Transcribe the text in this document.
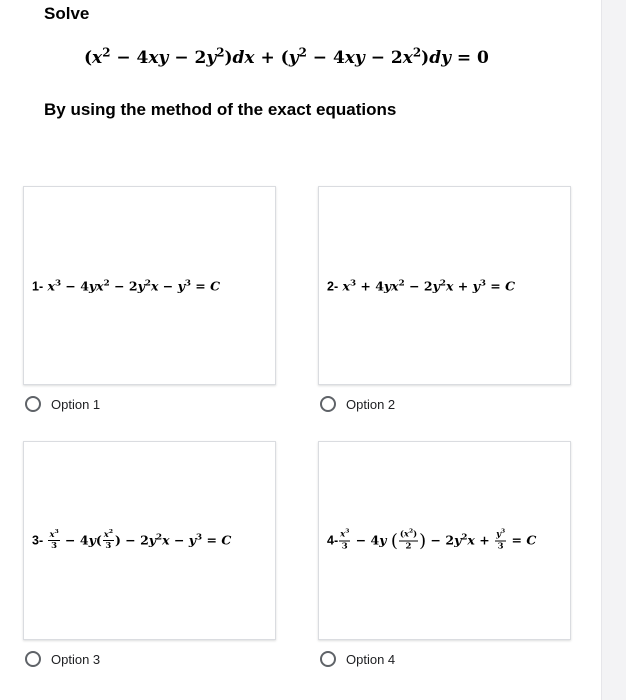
Solve
$(x^2 - 4xy - 2y^2)dx + (y^2 - 4xy - 2x^2)dy = 0$
By using the method of the exact equations
1- $x^3 - 4yx^2 - 2y^2x - y^3 = C$	2- $x^3 + 4yx^2 - 2y^2x + y^3 = C$
Option 1	Option 2
$3- \frac{x^3}{3} - 4y( \frac{x^2}{3}$ ) − $2y^2x - y^3 = C$	$4- \frac{x^3}{3} - 4y$ ( $\frac{(x^2)}{2}$ ) − $2y^2x + \frac{y^3}{3} = C$
Option 3	Option 4
